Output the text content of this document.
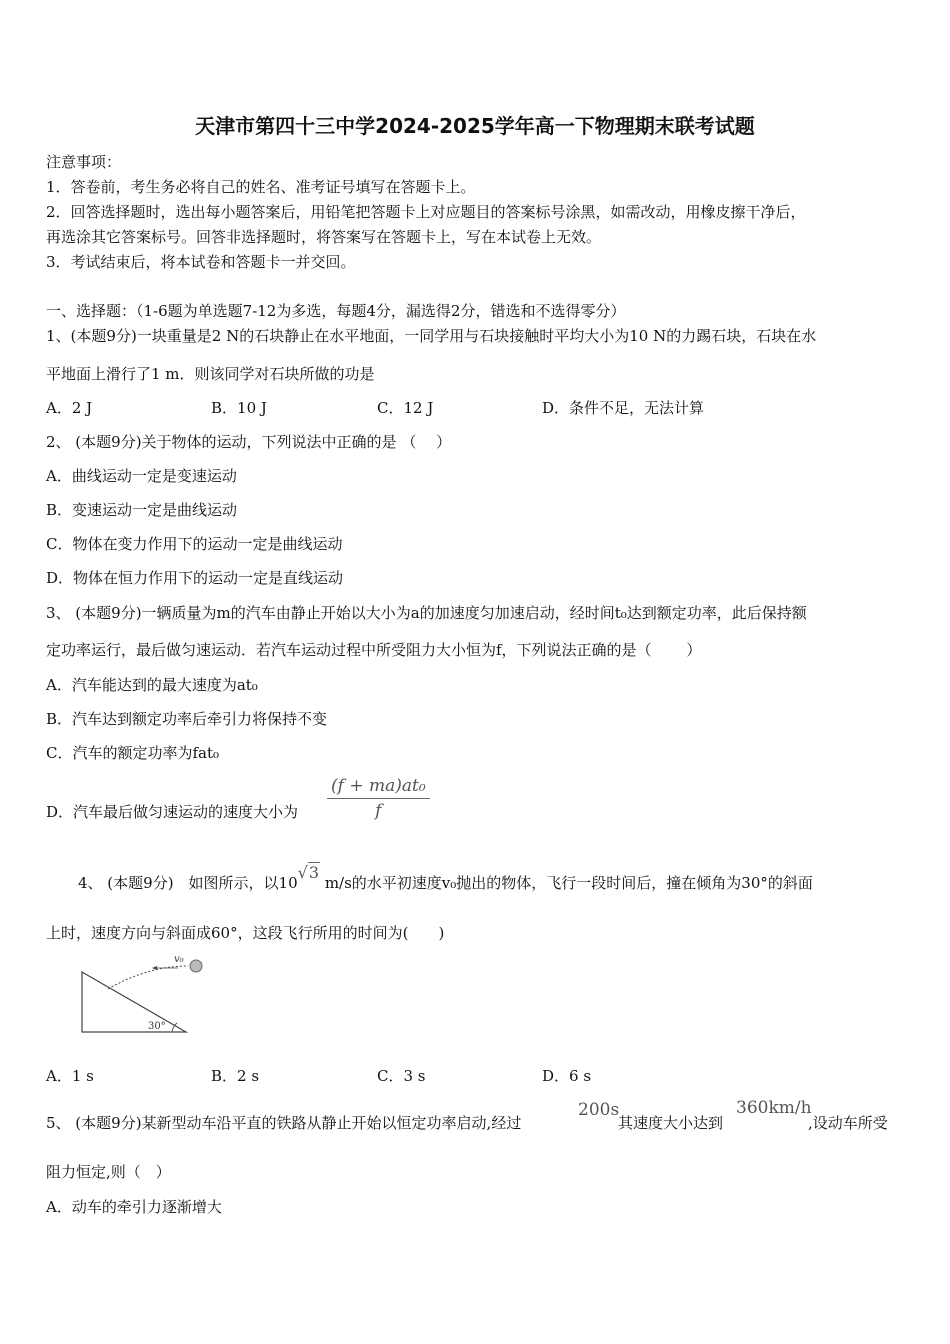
天津市第四十三中学2024-2025学年高一下物理期末联考试题
注意事项：
1．答卷前，考生务必将自己的姓名、准考证号填写在答题卡上。
2．回答选择题时，选出每小题答案后，用铅笔把答题卡上对应题目的答案标号涂黑，如需改动，用橡皮擦干净后，
再选涂其它答案标号。回答非选择题时，将答案写在答题卡上，写在本试卷上无效。
3．考试结束后，将本试卷和答题卡一并交回。
一、选择题：（1-6题为单选题7-12为多选，每题4分，漏选得2分，错选和不选得零分）
1、(本题9分)一块重量是2 N的石块静止在水平地面，一同学用与石块接触时平均大小为10 N的力踢石块，石块在水
平地面上滑行了1 m．则该同学对石块所做的功是
A．2 J	B．10 J	C．12 J	D．条件不足，无法计算
2、 (本题9分)关于物体的运动，下列说法中正确的是 （　 ）
A．曲线运动一定是变速运动
B．变速运动一定是曲线运动
C．物体在变力作用下的运动一定是曲线运动
D．物体在恒力作用下的运动一定是直线运动
3、 (本题9分)一辆质量为m的汽车由静止开始以大小为a的加速度匀加速启动，经时间t₀达到额定功率，此后保持额
定功率运行，最后做匀速运动．若汽车运动过程中所受阻力大小恒为f，下列说法正确的是（　　 ）
A．汽车能达到的最大速度为at₀
B．汽车达到额定功率后牵引力将保持不变
C．汽车的额定功率为fat₀
D．汽车最后做匀速运动的速度大小为 $\frac{\text{(f + ma)at₀}}{f}$
4、 (本题9分)　如图所示，以10√3 m/s的水平初速度v₀抛出的物体，飞行一段时间后，撞在倾角为30°的斜面
上时，速度方向与斜面成60°，这段飞行所用的时间为(　　)
v₀
30°
A．1 s	B．2 s	C．3 s	D．6 s
5、 (本题9分)某新型动车沿平直的铁路从静止开始以恒定功率启动,经过
200s
其速度大小达到
360km/h
,设动车所受
阻力恒定,则（　）
A．动车的牵引力逐渐增大
